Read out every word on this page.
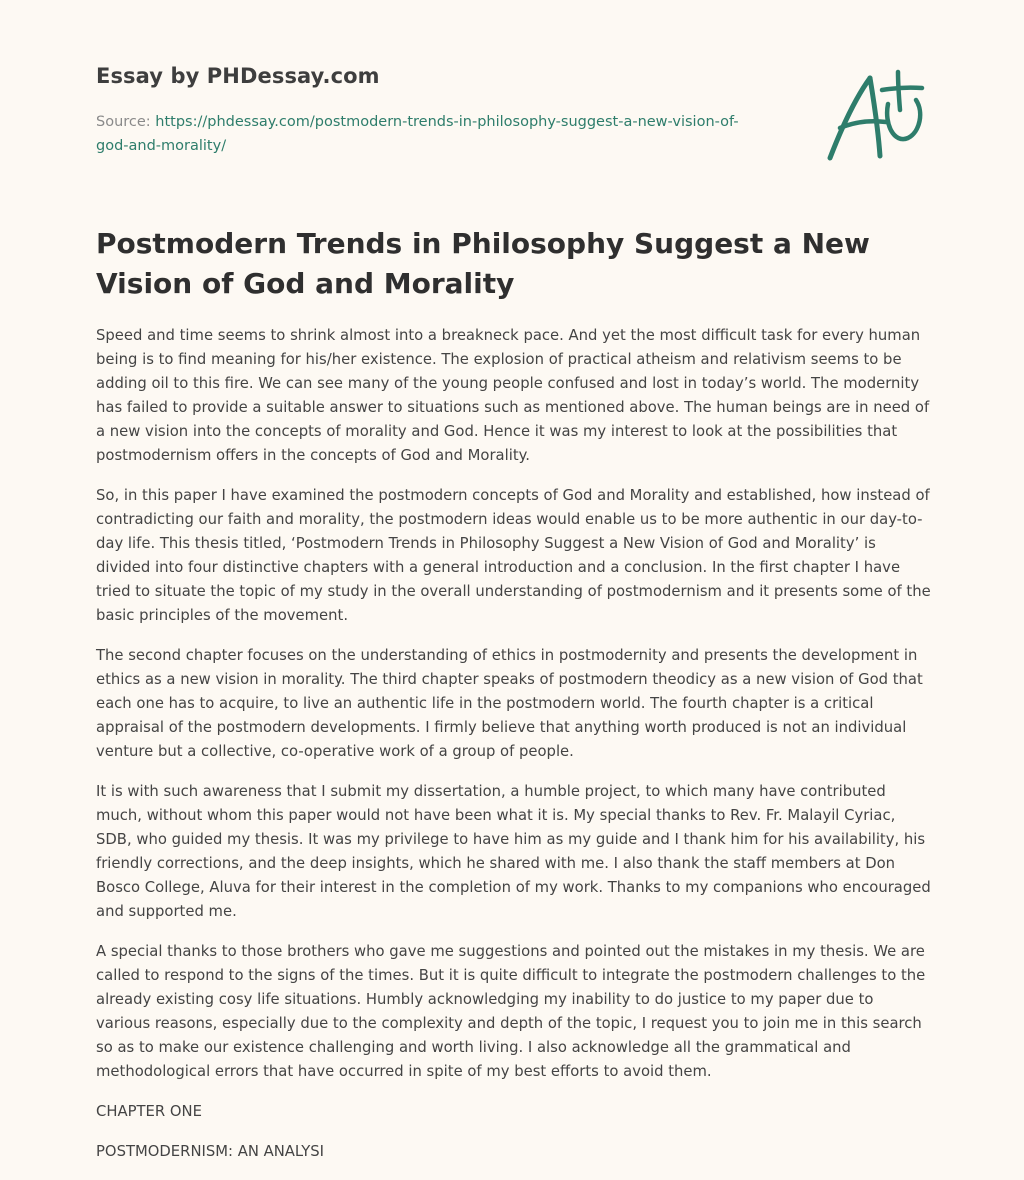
Essay by PHDessay.com
Source: https://phdessay.com/postmodern-trends-in-philosophy-suggest-a-new-vision-of-god-and-morality/
Postmodern Trends in Philosophy Suggest a New Vision of God and Morality

Speed and time seems to shrink almost into a breakneck pace. And yet the most difficult task for every human being is to find meaning for his/her existence. The explosion of practical atheism and relativism seems to be adding oil to this fire. We can see many of the young people confused and lost in today’s world. The modernity has failed to provide a suitable answer to situations such as mentioned above. The human beings are in need of a new vision into the concepts of morality and God. Hence it was my interest to look at the possibilities that postmodernism offers in the concepts of God and Morality.

So, in this paper I have examined the postmodern concepts of God and Morality and established, how instead of contradicting our faith and morality, the postmodern ideas would enable us to be more authentic in our day-to-day life. This thesis titled, ‘Postmodern Trends in Philosophy Suggest a New Vision of God and Morality’ is divided into four distinctive chapters with a general introduction and a conclusion. In the first chapter I have tried to situate the topic of my study in the overall understanding of postmodernism and it presents some of the basic principles of the movement.

The second chapter focuses on the understanding of ethics in postmodernity and presents the development in ethics as a new vision in morality. The third chapter speaks of postmodern theodicy as a new vision of God that each one has to acquire, to live an authentic life in the postmodern world. The fourth chapter is a critical appraisal of the postmodern developments. I firmly believe that anything worth produced is not an individual venture but a collective, co-operative work of a group of people.

It is with such awareness that I submit my dissertation, a humble project, to which many have contributed much, without whom this paper would not have been what it is. My special thanks to Rev. Fr. Malayil Cyriac, SDB, who guided my thesis. It was my privilege to have him as my guide and I thank him for his availability, his friendly corrections, and the deep insights, which he shared with me. I also thank the staff members at Don Bosco College, Aluva for their interest in the completion of my work. Thanks to my companions who encouraged and supported me.

A special thanks to those brothers who gave me suggestions and pointed out the mistakes in my thesis. We are called to respond to the signs of the times. But it is quite difficult to integrate the postmodern challenges to the already existing cosy life situations. Humbly acknowledging my inability to do justice to my paper due to various reasons, especially due to the complexity and depth of the topic, I request you to join me in this search so as to make our existence challenging and worth living. I also acknowledge all the grammatical and methodological errors that have occurred in spite of my best efforts to avoid them.

CHAPTER ONE

POSTMODERNISM: AN ANALYSI
